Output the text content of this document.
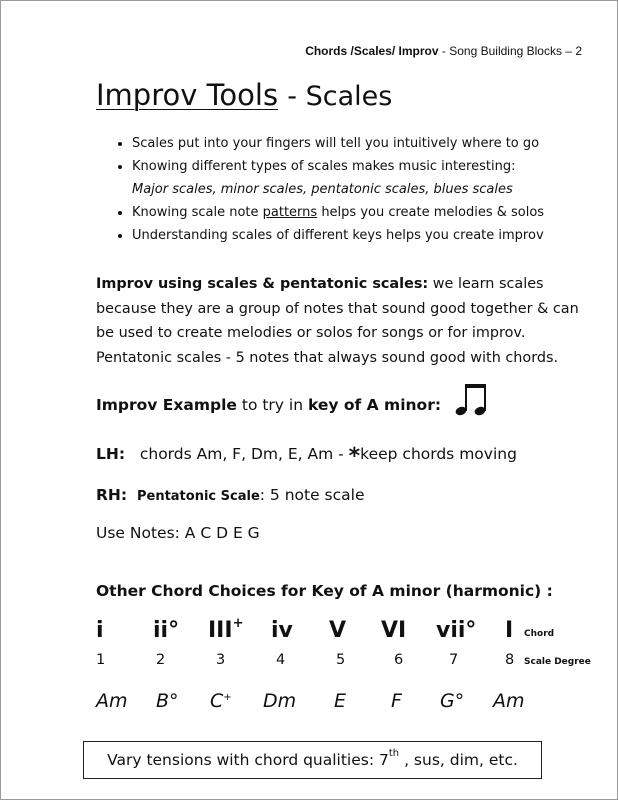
Chords /Scales/ Improv - Song Building Blocks – 2
Improv Tools - Scales
• Scales put into your fingers will tell you intuitively where to go
• Knowing different types of scales makes music interesting:
Major scales, minor scales, pentatonic scales, blues scales
• Knowing scale note patterns helps you create melodies & solos
• Understanding scales of different keys helps you create improv
Improv using scales & pentatonic scales: we learn scales because they are a group of notes that sound good together & can be used to create melodies or solos for songs or for improv. Pentatonic scales - 5 notes that always sound good with chords.
Improv Example to try in key of A minor:
LH: chords Am, F, Dm, E, Am - *keep chords moving
RH: Pentatonic Scale: 5 note scale
Use Notes: A C D E G
Other Chord Choices for Key of A minor (harmonic) :
i ii° III+ iv V VI vii° I Chord
1	2	3	4	5	6	7	8 Scale Degree
Am B° C+ Dm E F G° Am
Vary tensions with chord qualities: 7th , sus, dim, etc.
